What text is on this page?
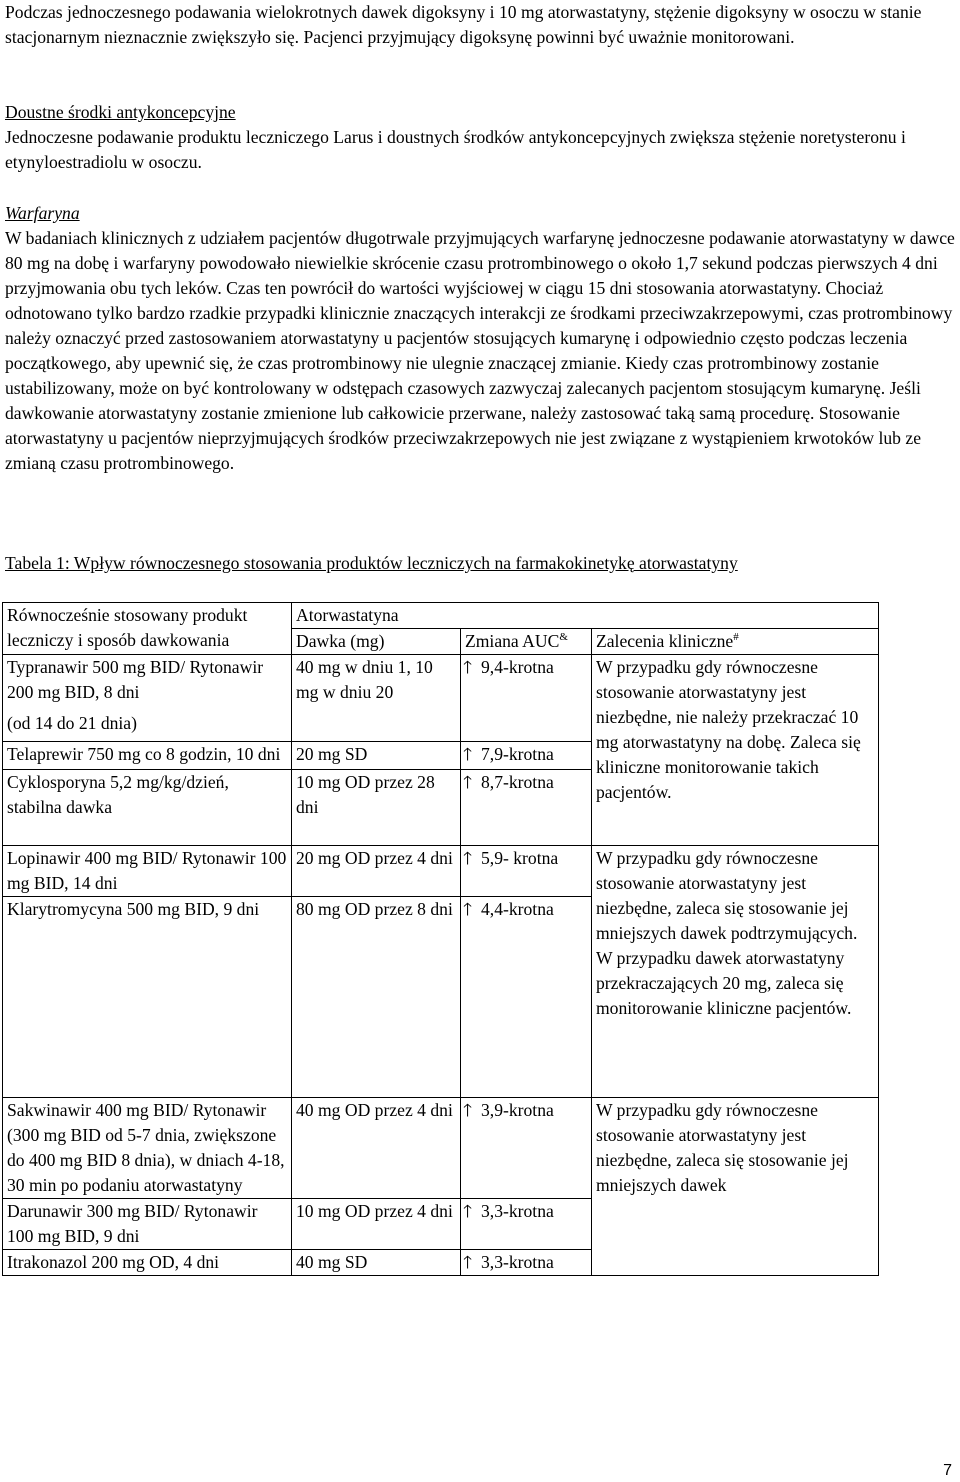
Podczas jednoczesnego podawania wielokrotnych dawek digoksyny i 10 mg atorwastatyny, stężenie digoksyny w osoczu w stanie stacjonarnym nieznacznie zwiększyło się. Pacjenci przyjmujący digoksynę powinni być uważnie monitorowani.

Doustne środki antykoncepcyjne

Jednoczesne podawanie produktu leczniczego Larus i doustnych środków antykoncepcyjnych zwiększa stężenie noretysteronu i etynyloestradiolu w osoczu.

Warfaryna

W badaniach klinicznych z udziałem pacjentów długotrwale przyjmujących warfarynę jednoczesne podawanie atorwastatyny w dawce 80 mg na dobę i warfaryny powodowało niewielkie skrócenie czasu protrombinowego o około 1,7 sekund podczas pierwszych 4 dni przyjmowania obu tych leków. Czas ten powrócił do wartości wyjściowej w ciągu 15 dni stosowania atorwastatyny. Chociaż odnotowano tylko bardzo rzadkie przypadki klinicznie znaczących interakcji ze środkami przeciwzakrzepowymi, czas protrombinowy należy oznaczyć przed zastosowaniem atorwastatyny u pacjentów stosujących kumarynę i odpowiednio często podczas leczenia początkowego, aby upewnić się, że czas protrombinowy nie ulegnie znaczącej zmianie. Kiedy czas protrombinowy zostanie ustabilizowany, może on być kontrolowany w odstępach czasowych zazwyczaj zalecanych pacjentom stosującym kumarynę. Jeśli dawkowanie atorwastatyny zostanie zmienione lub całkowicie przerwane, należy zastosować taką samą procedurę. Stosowanie atorwastatyny u pacjentów nieprzyjmujących środków przeciwzakrzepowych nie jest związane z wystąpieniem krwotoków lub ze zmianą czasu protrombinowego.

Tabela 1: Wpływ równoczesnego stosowania produktów leczniczych na farmakokinetykę atorwastatyny
Równocześnie stosowany produkt leczniczy i sposób dawkowania	Atorwastatyna		
	Dawka (mg)	Zmiana AUC&	Zalecenia kliniczne#

Typranawir 500 mg BID/ Rytonawir 200 mg BID, 8 dni
(od 14 do 21 dnia)	40 mg w dniu 1, 10 mg w dniu 20	🡑 9,4-krotna	W przypadku gdy równoczesne stosowanie atorwastatyny jest niezbędne, nie należy przekraczać 10 mg atorwastatyny na dobę. Zaleca się kliniczne monitorowanie takich pacjentów.
Telaprewir 750 mg co 8 godzin, 10 dni	20 mg SD	🡑 7,9-krotna	
Cyklosporyna 5,2 mg/kg/dzień, stabilna dawka	10 mg OD przez 28 dni	🡑 8,7-krotna	
Lopinawir 400 mg BID/ Rytonawir 100 mg BID, 14 dni	20 mg OD przez 4 dni	🡑 5,9- krotna	W przypadku gdy równoczesne stosowanie atorwastatyny jest niezbędne, zaleca się stosowanie jej mniejszych dawek podtrzymujących. W przypadku dawek atorwastatyny przekraczających 20 mg, zaleca się monitorowanie kliniczne pacjentów.
Klarytromycyna 500 mg BID, 9 dni	80 mg OD przez 8 dni	🡑 4,4-krotna	
Sakwinawir 400 mg BID/ Rytonawir (300 mg BID od 5-7 dnia, zwiększone do 400 mg BID 8 dnia), w dniach 4-18, 30 min po podaniu atorwastatyny	40 mg OD przez 4 dni	🡑 3,9-krotna	W przypadku gdy równoczesne stosowanie atorwastatyny jest niezbędne, zaleca się stosowanie jej mniejszych dawek
Darunawir 300 mg BID/ Rytonawir 100 mg BID, 9 dni	10 mg OD przez 4 dni	🡑 3,3-krotna	
Itrakonazol 200 mg OD, 4 dni	40 mg SD	🡑 3,3-krotna	
7
